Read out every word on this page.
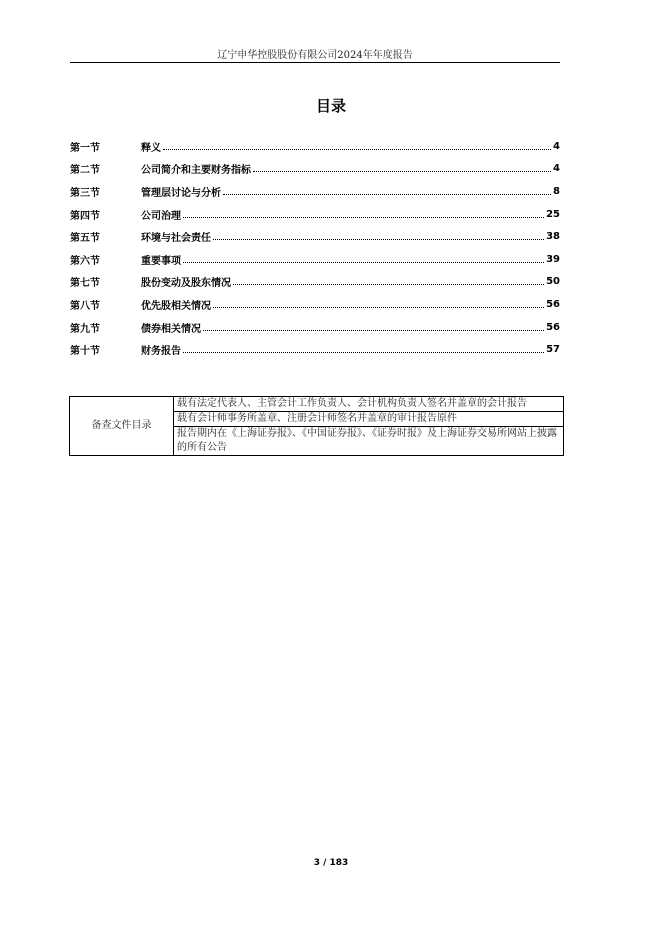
辽宁申华控股股份有限公司2024年年度报告
目录
第一节	释义	4
第二节	公司简介和主要财务指标	4
第三节	管理层讨论与分析	8
第四节	公司治理	25
第五节	环境与社会责任	38
第六节	重要事项	39
第七节	股份变动及股东情况	50
第八节	优先股相关情况	56
第九节	债券相关情况	56
第十节	财务报告	57
备查文件目录	载有法定代表人、主管会计工作负责人、会计机构负责人签名并盖章的会计报告
载有会计师事务所盖章、注册会计师签名并盖章的审计报告原件
报告期内在《上海证券报》、《中国证券报》、《证券时报》及上海证券交易所网站上披露的所有公告
3 / 183
